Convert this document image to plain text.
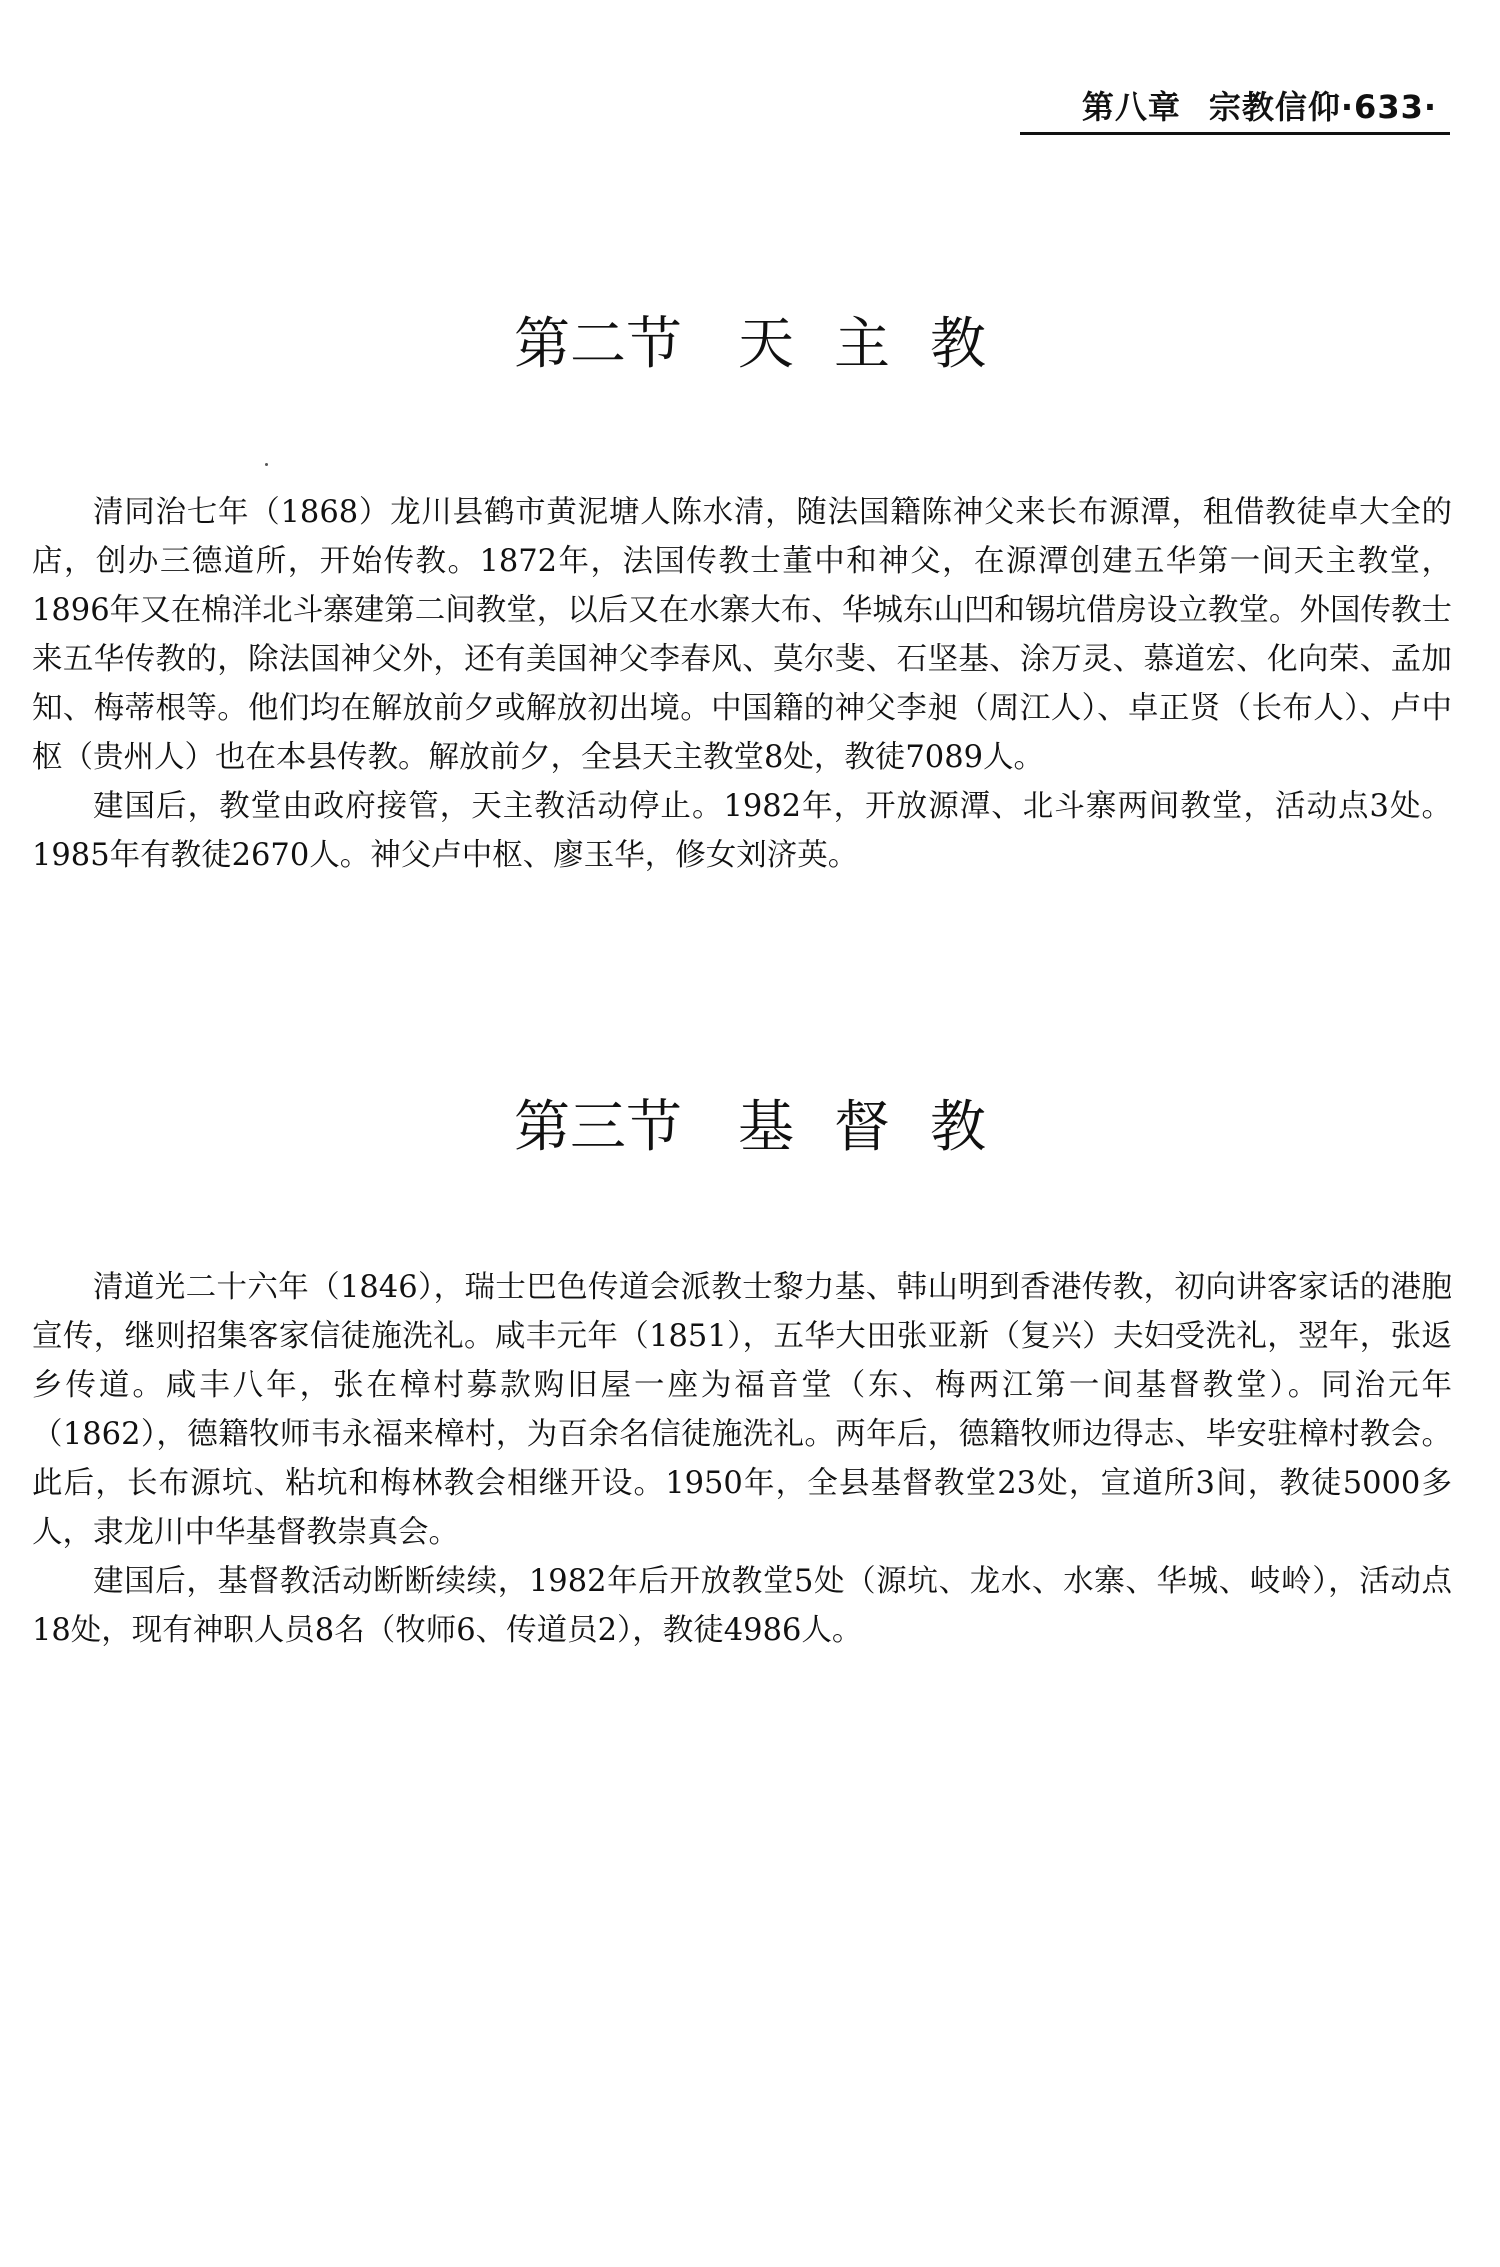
第八章 宗教信仰·633·
第二节 天主教

清同治七年（1868）龙川县鹤市黄泥塘人陈水清，随法国籍陈神父来长布源潭，租借教徒卓大全的店，创办三德道所，开始传教。1872年，法国传教士董中和神父，在源潭创建五华第一间天主教堂，1896年又在棉洋北斗寨建第二间教堂，以后又在水寨大布、华城东山凹和锡坑借房设立教堂。外国传教士来五华传教的，除法国神父外，还有美国神父李春风、莫尔斐、石坚基、涂万灵、慕道宏、化向荣、孟加知、梅蒂根等。他们均在解放前夕或解放初出境。中国籍的神父李昶（周江人）、卓正贤（长布人）、卢中枢（贵州人）也在本县传教。解放前夕，全县天主教堂8处，教徒7089人。

建国后，教堂由政府接管，天主教活动停止。1982年，开放源潭、北斗寨两间教堂，活动点3处。1985年有教徒2670人。神父卢中枢、廖玉华，修女刘济英。

第三节 基督教

清道光二十六年（1846），瑞士巴色传道会派教士黎力基、韩山明到香港传教，初向讲客家话的港胞宣传，继则招集客家信徒施洗礼。咸丰元年（1851），五华大田张亚新（复兴）夫妇受洗礼，翌年，张返乡传道。咸丰八年，张在樟村募款购旧屋一座为福音堂（东、梅两江第一间基督教堂）。同治元年（1862），德籍牧师韦永福来樟村，为百余名信徒施洗礼。两年后，德籍牧师边得志、毕安驻樟村教会。此后，长布源坑、粘坑和梅林教会相继开设。1950年，全县基督教堂23处，宣道所3间，教徒5000多人，隶龙川中华基督教崇真会。

建国后，基督教活动断断续续，1982年后开放教堂5处（源坑、龙水、水寨、华城、岐岭），活动点18处，现有神职人员8名（牧师6、传道员2），教徒4986人。
